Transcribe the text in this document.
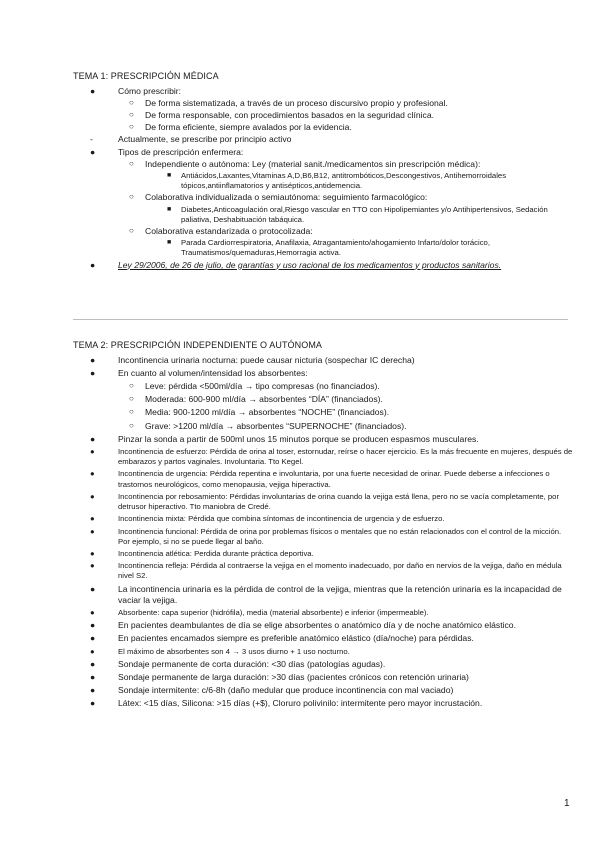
TEMA 1: PRESCRIPCIÓN MÉDICA
●	Cómo prescribir:
○ De forma sistematizada, a través de un proceso discursivo propio y profesional.
○ De forma responsable, con procedimientos basados en la seguridad clínica.
○ De forma eficiente, siempre avalados por la evidencia.
-	Actualmente, se prescribe por principio activo
●	Tipos de prescripción enfermera:
○ Independiente o autónoma: Ley (material sanit./medicamentos sin prescripción médica):
■ Antiácidos,Laxantes,Vitaminas A,D,B6,B12, antitrombóticos,Descongestivos, Antihemorroidales tópicos,antiinflamatorios y antisépticos,antidemencia.
○ Colaborativa individualizada o semiautónoma: seguimiento farmacológico:
■ Diabetes,Anticoagulación oral,Riesgo vascular en TTO con Hipolipemiantes y/o Antihipertensivos, Sedación paliativa, Deshabituación tabáquica.
○ Colaborativa estandarizada o protocolizada:
■ Parada Cardiorrespiratoria, Anafilaxia, Atragantamiento/ahogamiento Infarto/dolor torácico, Traumatismos/quemaduras,Hemorragia activa.
●	Ley 29/2006, de 26 de julio, de garantías y uso racional de los medicamentos y productos sanitarios.
TEMA 2: PRESCRIPCIÓN INDEPENDIENTE O AUTÓNOMA
●	Incontinencia urinaria nocturna: puede causar nicturia (sospechar IC derecha)
●	En cuanto al volumen/intensidad los absorbentes:
○ Leve: pérdida <500ml/día → tipo compresas (no financiados).
○ Moderada: 600-900 ml/día → absorbentes “DÍA” (financiados).
○ Media: 900-1200 ml/día → absorbentes “NOCHE” (financiados).
○ Grave: >1200 ml/día → absorbentes “SUPERNOCHE” (financiados).
●	Pinzar la sonda a partir de 500ml unos 15 minutos porque se producen espasmos musculares.
●	Incontinencia de esfuerzo: Pérdida de orina al toser, estornudar, reírse o hacer ejercicio. Es la más frecuente en mujeres, después de embarazos y partos vaginales. Involuntaria. Tto Kegel.
●	Incontinencia de urgencia: Pérdida repentina e involuntaria, por una fuerte necesidad de orinar. Puede deberse a infecciones o trastornos neurológicos, como menopausia, vejiga hiperactiva.
●	Incontinencia por rebosamiento: Pérdidas involuntarias de orina cuando la vejiga está llena, pero no se vacía completamente, por detrusor hiperactivo. Tto maniobra de Credé.
●	Incontinencia mixta: Pérdida que combina síntomas de incontinencia de urgencia y de esfuerzo.
●	Incontinencia funcional: Pérdida de orina por problemas físicos o mentales que no están relacionados con el control de la micción. Por ejemplo, si no se puede llegar al baño.
●	Incontinencia atlética: Perdida durante práctica deportiva.
●	Incontinencia refleja: Pérdida al contraerse la vejiga en el momento inadecuado, por daño en nervios de la vejiga, daño en médula nivel S2.
●	La incontinencia urinaria es la pérdida de control de la vejiga, mientras que la retención urinaria es la incapacidad de vaciar la vejiga.
●	Absorbente: capa superior (hidrófila), media (material absorbente) e inferior (impermeable).
●	En pacientes deambulantes de día se elige absorbentes o anatómico día y de noche anatómico elástico.
●	En pacientes encamados siempre es preferible anatómico elástico (día/noche) para pérdidas.
●	El máximo de absorbentes son 4 → 3 usos diurno + 1 uso nocturno.
●	Sondaje permanente de corta duración: <30 días (patologías agudas).
●	Sondaje permanente de larga duración: >30 días (pacientes crónicos con retención urinaria)
●	Sondaje intermitente: c/6-8h (daño medular que produce incontinencia con mal vaciado)
●	Látex: <15 días, Silicona: >15 días (+$), Cloruro polivinilo: intermitente pero mayor incrustación.
1
